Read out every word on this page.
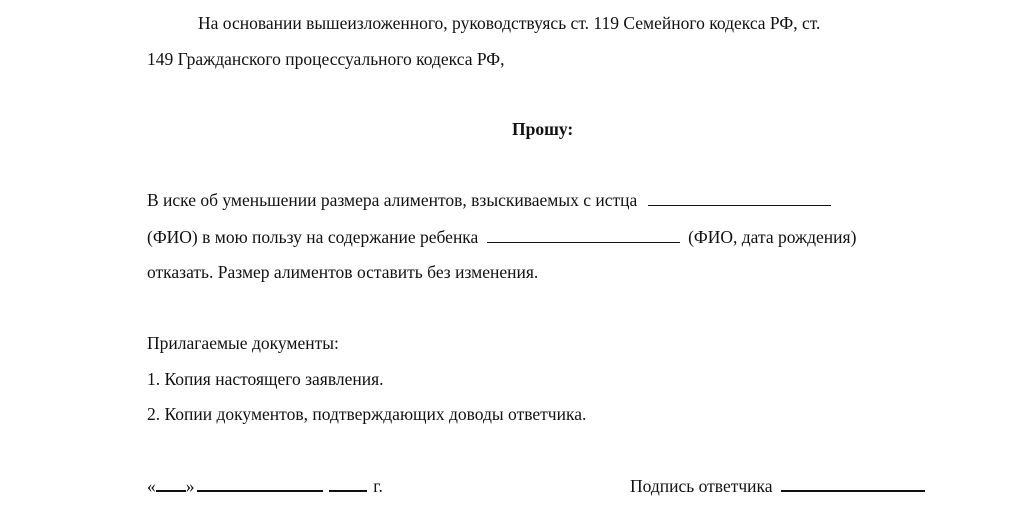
На основании вышеизложенного, руководствуясь ст. 119 Семейного кодекса РФ, ст.
149 Гражданского процессуального кодекса РФ,
Прошу:
В иске об уменьшении размера алиментов, взыскиваемых с истца
(ФИО) в мою пользу на содержание ребенка	(ФИО, дата рождения)
отказать. Размер алиментов оставить без изменения.
Прилагаемые документы:
1. Копия настоящего заявления.
2. Копии документов, подтверждающих доводы ответчика.
« »	г.	Подпись ответчика
